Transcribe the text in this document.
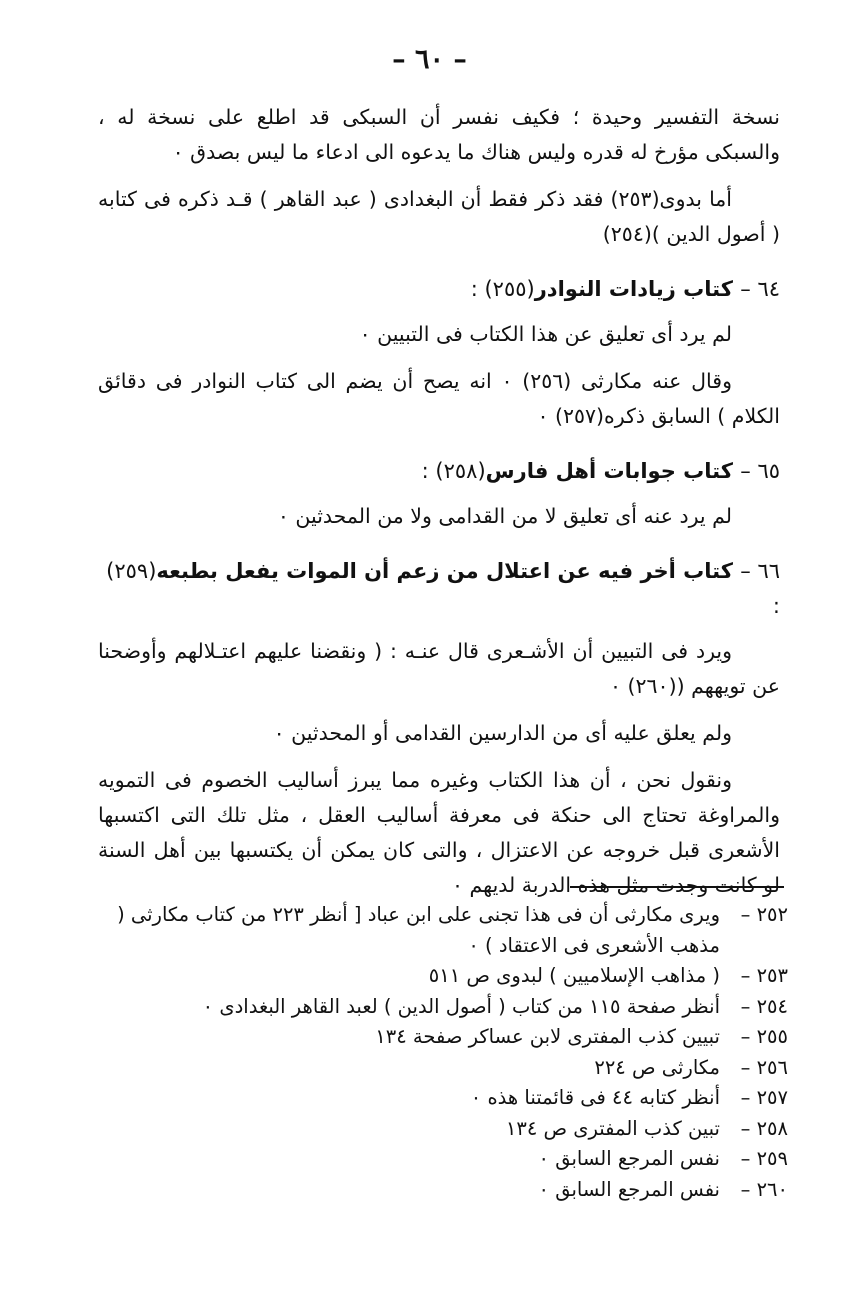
– ٦٠ –

نسخة التفسير وحيدة ؛ فكيف نفسر أن السبكى قد اطلع على نسخة له ، والسبكى مؤرخ له قدره وليس هناك ما يدعوه الى ادعاء ما ليس بصدق ٠

أما بدوى(٢٥٣) فقد ذكر فقط أن البغدادى ( عبد القاهر ) قـد ذكره فى كتابه ( أصول الدين )(٢٥٤)

٦٤ – كتاب زيادات النوادر(٢٥٥) :

لم يرد أى تعليق عن هذا الكتاب فى التبيين ٠

وقال عنه مكارثى (٢٥٦) ٠ انه يصح أن يضم الى كتاب النوادر فى دقائق الكلام ) السابق ذكره(٢٥٧) ٠

٦٥ – كتاب جوابات أهل فارس(٢٥٨) :

لم يرد عنه أى تعليق لا من القدامى ولا من المحدثين ٠

٦٦ – كتاب أخر فيه عن اعتلال من زعم أن الموات يفعل بطبعه(٢٥٩) :

ويرد فى التبيين أن الأشـعرى قال عنـه : ( ونقضنا عليهم اعتـلالهم وأوضحنا عن تويههم ((٢٦٠) ٠

ولم يعلق عليه أى من الدارسين القدامى أو المحدثين ٠

ونقول نحن ، أن هذا الكتاب وغيره مما يبرز أساليب الخصوم فى التمويه والمراوغة تحتاج الى حنكة فى معرفة أساليب العقل ، مثل تلك التى اكتسبها الأشعرى قبل خروجه عن الاعتزال ، والتى كان يمكن أن يكتسبها بين أهل السنة لو كانت وجدت مثل هذه الدربة لديهم ٠

٢٥٢ –
ويرى مكارثى أن فى هذا تجنى على ابن عباد [ أنظر ٢٢٣ من كتاب مكارثى ( مذهب الأشعرى فى الاعتقاد ) ٠
٢٥٣ –
( مذاهب الإسلاميين ) لبدوى ص ٥١١
٢٥٤ –
أنظر صفحة ١١٥ من كتاب ( أصول الدين ) لعبد القاهر البغدادى ٠
٢٥٥ –
تبيين كذب المفترى لابن عساكر صفحة ١٣٤
٢٥٦ –
مكارثى ص ٢٢٤
٢٥٧ –
أنظر كتابه ٤٤ فى قائمتنا هذه ٠
٢٥٨ –
تبين كذب المفترى ص ١٣٤
٢٥٩ –
نفس المرجع السابق ٠
٢٦٠ –
نفس المرجع السابق ٠
